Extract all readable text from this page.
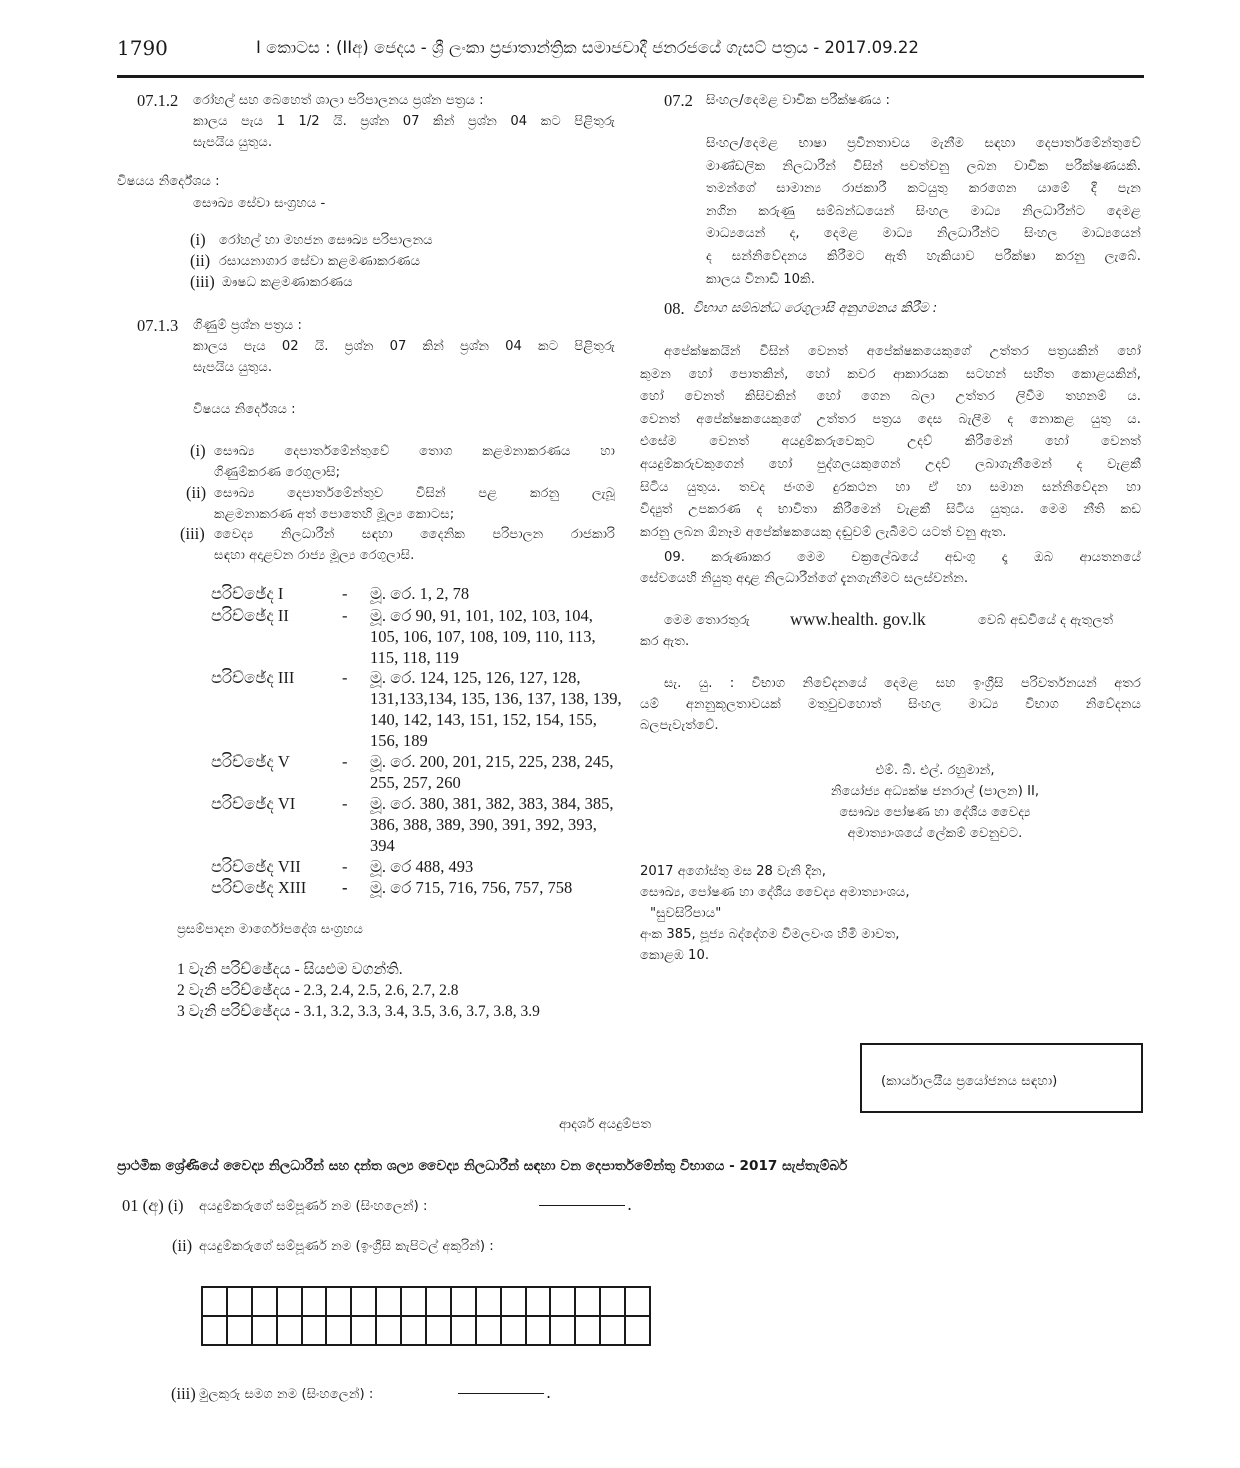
1790	I කොටස : (IIඅ) ජෙදය - ශ්‍රී ලංකා ප්‍රජාතාන්ත්‍රික සමාජවාදී ජනරජයේ ගැසට් පත්‍රය - 2017.09.22
07.1.2 රෝහල් සහ බෙහෙත් ශාලා පරිපාලනය ප්‍රශ්න පත්‍රය :
කාලය පැය 1 1/2 යි. ප්‍රශ්න 07 කින් ප්‍රශ්න 04 කට පිළිතුරු
සැපයිය යුතුය.
විෂයය නිර්දේශය :
සෞඛ්‍ය සේවා සංග්‍රහය -
(i) රෝහල් හා මහජන සෞඛ්‍ය පරිපාලනය
(ii) රසායනාගාර සේවා කළමණාකරණය
(iii) ඖෂධ කළමණාකරණය
07.1.3 ගිණුම් ප්‍රශ්න පත්‍රය :
කාලය පැය 02 යි. ප්‍රශ්න 07 කින් ප්‍රශ්න 04 කට පිළිතුරු
සැපයිය යුතුය.
විෂයය නිර්දේශය :
(i) සෞඛ්‍ය දෙපාර්තමේන්තුවේ තොග කළමනාකරණය හා
ගිණුම්කරණ රෙගුලාසි;
(ii) සෞඛ්‍ය දෙපාර්තමේන්තුව විසින් පළ කරනු ලැබූ
කළමනාකරණ අත් පොතෙහි මූල්‍ය කොටස;
(iii) වෛද්‍ය නිලධාරීන් සඳහා දෛනික පරිපාලන රාජකාරි
සඳහා අදාළවන රාජ්‍ය මූල්‍ය රෙගුලාසි.
පරිච්ඡේද I	- මූ. රෙ. 1, 2, 78
පරිච්ඡේද II	- මූ. රෙ 90, 91, 101, 102, 103, 104,
105, 106, 107, 108, 109, 110, 113,
115, 118, 119
පරිච්ඡේද III	- මූ. රෙ. 124, 125, 126, 127, 128,
131,133,134, 135, 136, 137, 138, 139,
140, 142, 143, 151, 152, 154, 155,
156, 189
පරිච්ඡේද V	- මූ. රෙ. 200, 201, 215, 225, 238, 245,
255, 257, 260
පරිච්ඡේද VI	- මූ. රෙ. 380, 381, 382, 383, 384, 385,
386, 388, 389, 390, 391, 392, 393,
394
පරිච්ඡේද VII - මූ. රෙ 488, 493
පරිච්ඡේද XIII - මූ. රෙ 715, 716, 756, 757, 758
ප්‍රසම්පාදන මාර්ගෝපදේශ සංග්‍රහය
1 වැනි පරිච්ඡේදය - සියළුම වගන්ති.
2 වැනි පරිච්ඡේදය - 2.3, 2.4, 2.5, 2.6, 2.7, 2.8
3 වැනි පරිච්ඡේදය - 3.1, 3.2, 3.3, 3.4, 3.5, 3.6, 3.7, 3.8, 3.9
07.2 සිංහල/දෙමළ වාචික පරීක්ෂණය :
සිංහල/දෙමළ භාෂා ප්‍රවීනතාවය මැනීම සඳහා දෙපාර්තමේන්තුවේ
මාණ්ඩලික නිලධාරීන් විසින් පවත්වනු ලබන වාචික පරීක්ෂණයකි.
තමන්ගේ සාමාන්‍ය රාජකාරී කටයුතු කරගෙන යාමේ දී පැන
නගින කරුණු සම්බන්ධයෙන් සිංහල මාධ්‍ය නිලධාරීන්ට දෙමළ
මාධ්‍යයෙන් ද, දෙමළ මාධ්‍ය නිලධාරීන්ට සිංහල මාධ්‍යයෙන්
ද සන්නිවේදනය කිරීමට ඇති හැකියාව පරීක්ෂා කරනු ලැබේ.
කාලය විනාඩි 10කි.
08. විභාග සම්බන්ධ රෙගුලාසි අනුගමනය කිරීම :
අපේක්ෂකයින් විසින් වෙනත් අපේක්ෂකයෙකුගේ උත්තර පත්‍රයකින් හෝ
කුමන හෝ පොතකින්, හෝ කවර ආකාරයක සටහන් සහිත කොළයකින්,
හෝ වෙනත් කිසිවකින් හෝ ගෙන බලා උත්තර ලිවීම තහනම් ය.
වෙනත් අපේක්ෂකයෙකුගේ උත්තර පත්‍රය දෙස බැලීම ද නොකළ යුතු ය.
එසේම වෙනත් අයදුම්කරුවෙකුට උදව් කිරීමෙන් හෝ වෙනත්
අයදුම්කරුවකුගෙන් හෝ පුද්ගලයකුගෙන් උදව් ලබාගැනීමෙන් ද වැළකී
සිටිය යුතුය. තවද ජංගම දුරකථන හා ඒ හා සමාන සන්නිවේදන හා
විද්‍යුත් උපකරණ ද භාවිතා කිරීමෙන් වැළකී සිටිය යුතුය. මෙම නීති කඩ
කරනු ලබන ඕනෑම අපේක්ෂකයෙකු දඬුවම් ලැබීමට යටත් වනු ඇත.
09. කරුණාකර මෙම චක්‍රලේඛයේ අඩංගු දෑ ඔබ ආයතනයේ
සේවයෙහි නියුතු අදාළ නිලධාරීන්ගේ දැනගැනීමට සලස්වන්න.
මෙම තොරතුරු www.health. gov.lk	වෙබ් අඩවියේ ද ඇතුලත්
කර ඇත.
සැ. යු. : විභාග නිවේදනයේ දෙමළ සහ ඉංග්‍රීසි පරිවර්තනයන් අතර
යම් අනනුකූලතාවයක් මතුවුවහොත් සිංහල මාධ්‍ය විභාග නිවේදනය
බලපැවැත්වේ.
එම්. බී. එල්. රහුමාන්,
නියෝජ්‍ය අධ්‍යක්ෂ ජනරාල් (පාලන) II,
සෞඛ්‍ය පෝෂණ හා දේශීය වෛද්‍ය
අමාත්‍යාංශයේ ලේකම් වෙනුවට.
2017 අගෝස්තු මස 28 වැනි දින,
සෞඛ්‍ය, පෝෂණ හා දේශීය වෛද්‍ය අමාත්‍යාංශය,
"සුවසිරිපාය"
අංක 385, පූජ්‍ය බද්දේගම විමලවංශ හිමි මාවත,
කොළඹ 10.
(කාර්යාලයීය ප්‍රයෝජනය සඳහා)
ආදර්ශ අයදුම්පත
ප්‍රාථමික ශ්‍රේණියේ වෛද්‍ය නිලධාරීන් සහ දන්ත ශල්‍ය වෛද්‍ය නිලධාරීන් සඳහා වන දෙපාර්තමේන්තු විභාගය - 2017 සැප්තැම්බර්
01 (අ) (i) අයදුම්කරුගේ සම්පූර්ණ නම (සිංහලෙන්) :	.
(ii) අයදුම්කරුගේ සම්පූර්ණ නම (ඉංග්‍රීසි කැපිටල් අකුරින්) :

(iii) මුලකුරු සමග නම (සිංහලෙන්) :	.
